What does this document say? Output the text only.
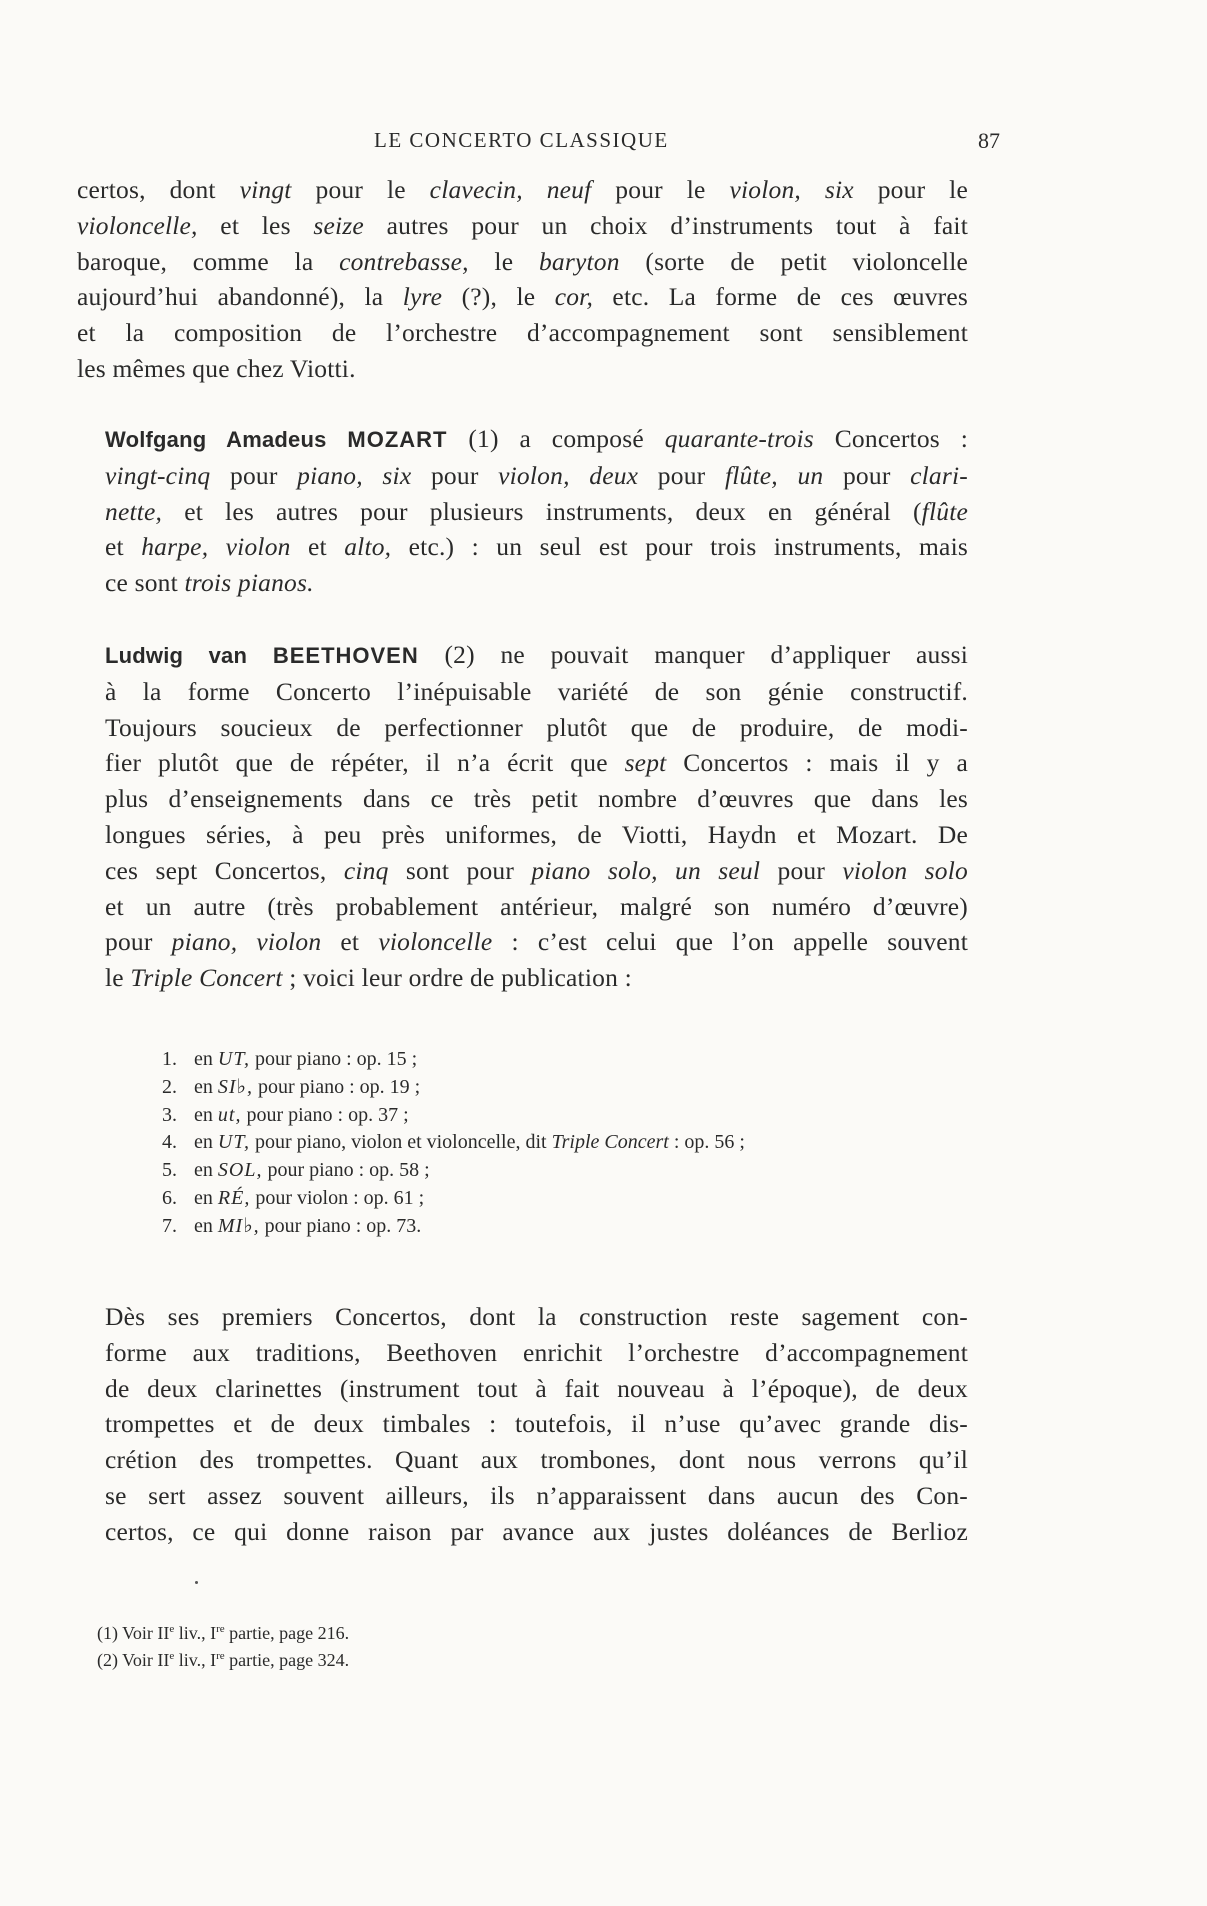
LE CONCERTO CLASSIQUE	87
certos, dont vingt pour le clavecin, neuf pour le violon, six pour le
violoncelle, et les seize autres pour un choix d’instruments tout à fait
baroque, comme la contrebasse, le baryton (sorte de petit violoncelle
aujourd’hui abandonné), la lyre (?), le cor, etc. La forme de ces œuvres
et la composition de l’orchestre d’accompagnement sont sensiblement
les mêmes que chez Viotti.
Wolfgang Amadeus MOZART (1) a composé quarante-trois Concertos :
vingt-cinq pour piano, six pour violon, deux pour flûte, un pour clari-
nette, et les autres pour plusieurs instruments, deux en général (flûte
et harpe, violon et alto, etc.) : un seul est pour trois instruments, mais
ce sont trois pianos.
Ludwig van BEETHOVEN (2) ne pouvait manquer d’appliquer aussi
à la forme Concerto l’inépuisable variété de son génie constructif.
Toujours soucieux de perfectionner plutôt que de produire, de modi-
fier plutôt que de répéter, il n’a écrit que sept Concertos : mais il y a
plus d’enseignements dans ce très petit nombre d’œuvres que dans les
longues séries, à peu près uniformes, de Viotti, Haydn et Mozart. De
ces sept Concertos, cinq sont pour piano solo, un seul pour violon solo
et un autre (très probablement antérieur, malgré son numéro d’œuvre)
pour piano, violon et violoncelle : c’est celui que l’on appelle souvent
le Triple Concert ; voici leur ordre de publication :
1. en UT, pour piano : op. 15 ;
2. en SI♭, pour piano : op. 19 ;
3. en ut, pour piano : op. 37 ;
4. en UT, pour piano, violon et violoncelle, dit Triple Concert : op. 56 ;
5. en SOL, pour piano : op. 58 ;
6. en RÉ, pour violon : op. 61 ;
7. en MI♭, pour piano : op. 73.
Dès ses premiers Concertos, dont la construction reste sagement con-
forme aux traditions, Beethoven enrichit l’orchestre d’accompagnement
de deux clarinettes (instrument tout à fait nouveau à l’époque), de deux
trompettes et de deux timbales : toutefois, il n’use qu’avec grande dis-
crétion des trompettes. Quant aux trombones, dont nous verrons qu’il
se sert assez souvent ailleurs, ils n’apparaissent dans aucun des Con-
certos, ce qui donne raison par avance aux justes doléances de Berlioz
(1) Voir IIe liv., Ire partie, page 216.
(2) Voir IIe liv., Ire partie, page 324.
